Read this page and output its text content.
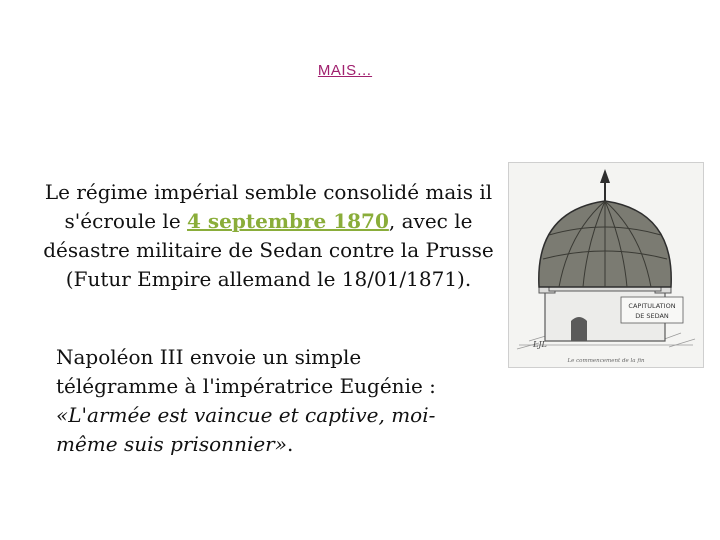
MAIS…
Le régime impérial semble consolidé mais il s'écroule le 4 septembre 1870, avec le désastre militaire de Sedan contre la Prusse (Futur Empire allemand le 18/01/1871).
Napoléon III envoie un simple télégramme à l'impératrice Eugénie : «L'armée est vaincue et captive, moi-même suis prisonnier».
CAPITULATION
DE SEDAN
LJL
Le commencement de la fin
